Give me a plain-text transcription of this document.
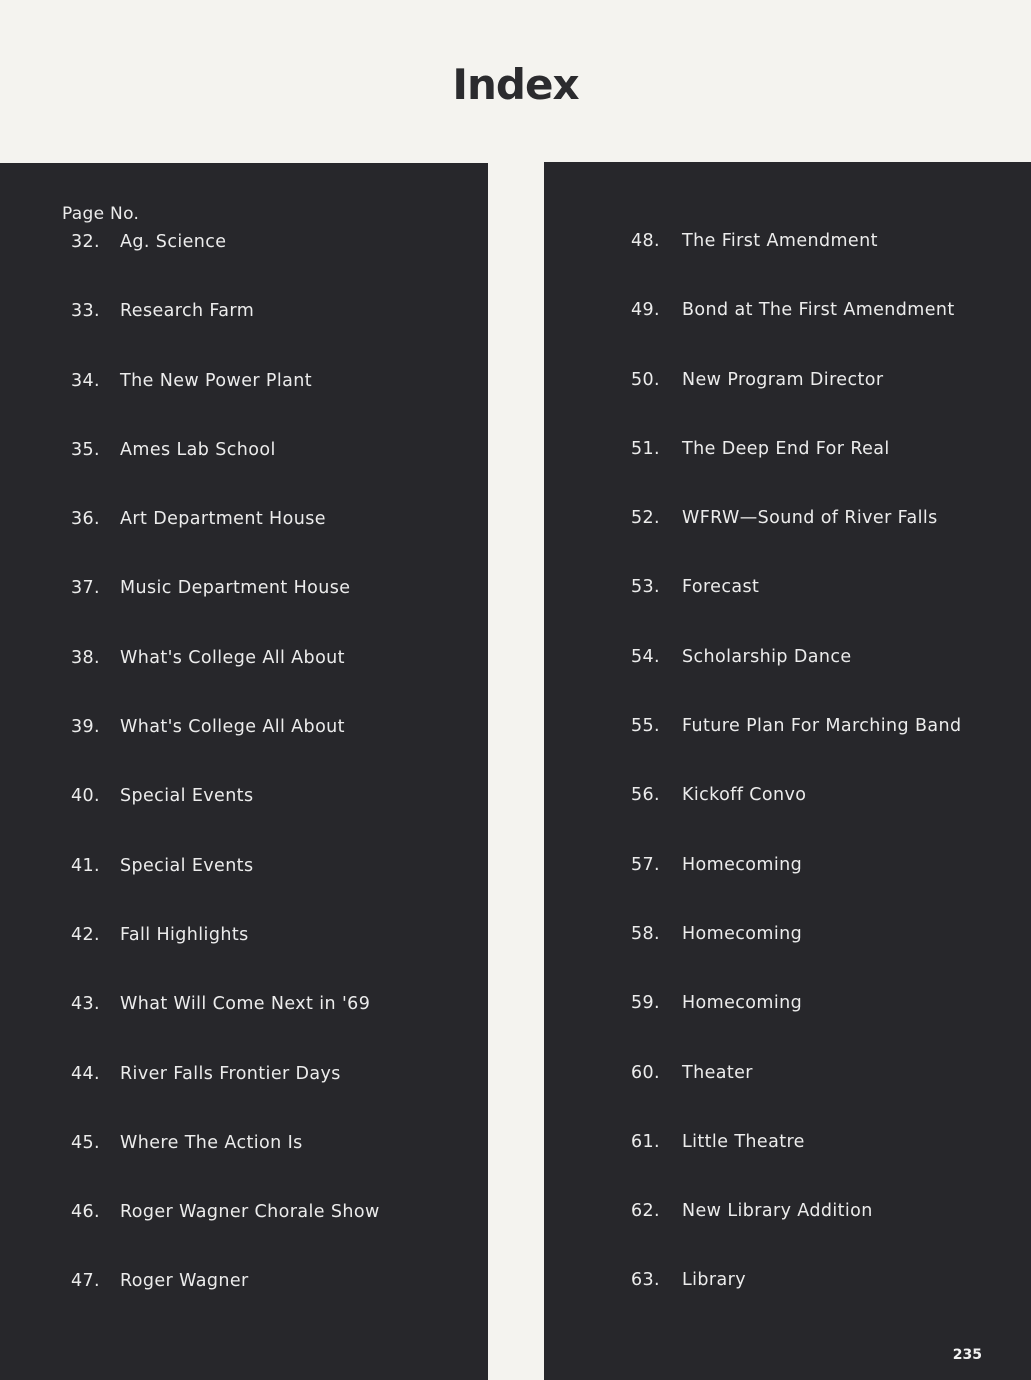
Index
Page No.
32. Ag. Science
33. Research Farm
34. The New Power Plant
35. Ames Lab School
36. Art Department House
37. Music Department House
38. What's College All About
39. What's College All About
40. Special Events
41. Special Events
42. Fall Highlights
43. What Will Come Next in '69
44. River Falls Frontier Days
45. Where The Action Is
46. Roger Wagner Chorale Show
47. Roger Wagner
48. The First Amendment
49. Bond at The First Amendment
50. New Program Director
51. The Deep End For Real
52. WFRW—Sound of River Falls
53. Forecast
54. Scholarship Dance
55. Future Plan For Marching Band
56. Kickoff Convo
57. Homecoming
58. Homecoming
59. Homecoming
60. Theater
61. Little Theatre
62. New Library Addition
63. Library
235
